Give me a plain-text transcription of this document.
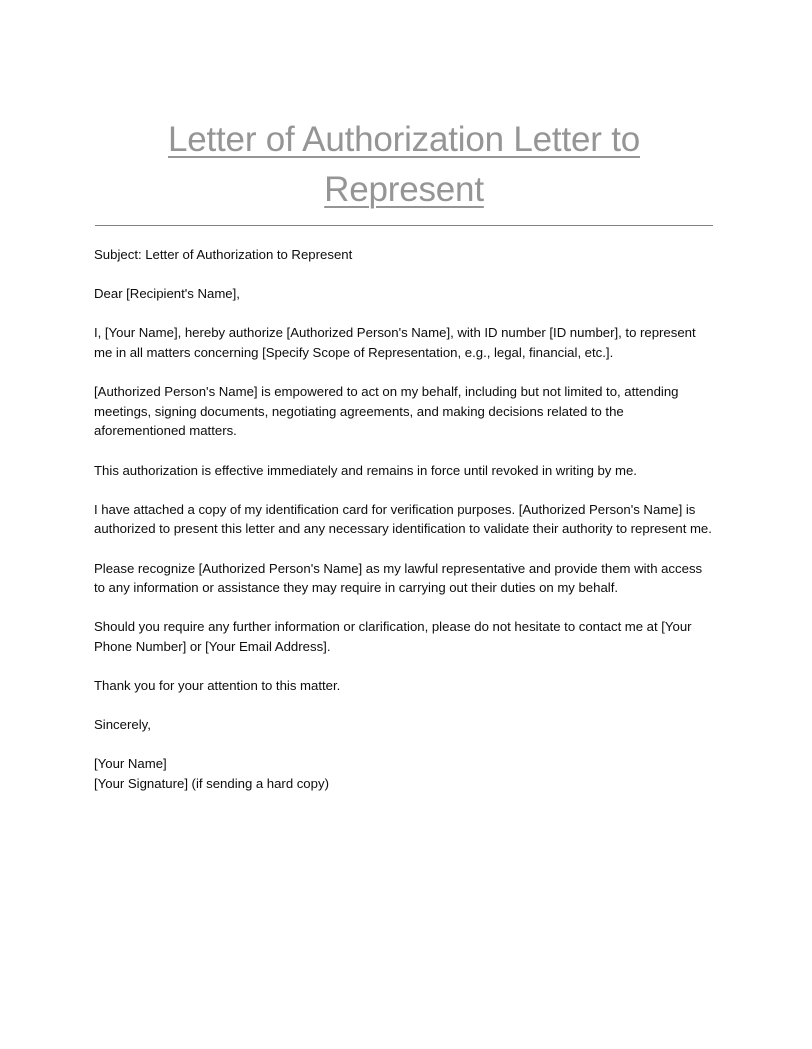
Letter of Authorization Letter to
Represent

Subject: Letter of Authorization to Represent

Dear [Recipient's Name],

I, [Your Name], hereby authorize [Authorized Person's Name], with ID number [ID number], to represent me in all matters concerning [Specify Scope of Representation, e.g., legal, financial, etc.].

[Authorized Person's Name] is empowered to act on my behalf, including but not limited to, attending meetings, signing documents, negotiating agreements, and making decisions related to the aforementioned matters.

This authorization is effective immediately and remains in force until revoked in writing by me.

I have attached a copy of my identification card for verification purposes. [Authorized Person's Name] is authorized to present this letter and any necessary identification to validate their authority to represent me.

Please recognize [Authorized Person's Name] as my lawful representative and provide them with access to any information or assistance they may require in carrying out their duties on my behalf.

Should you require any further information or clarification, please do not hesitate to contact me at [Your Phone Number] or [Your Email Address].

Thank you for your attention to this matter.

Sincerely,

[Your Name]
[Your Signature] (if sending a hard copy)
